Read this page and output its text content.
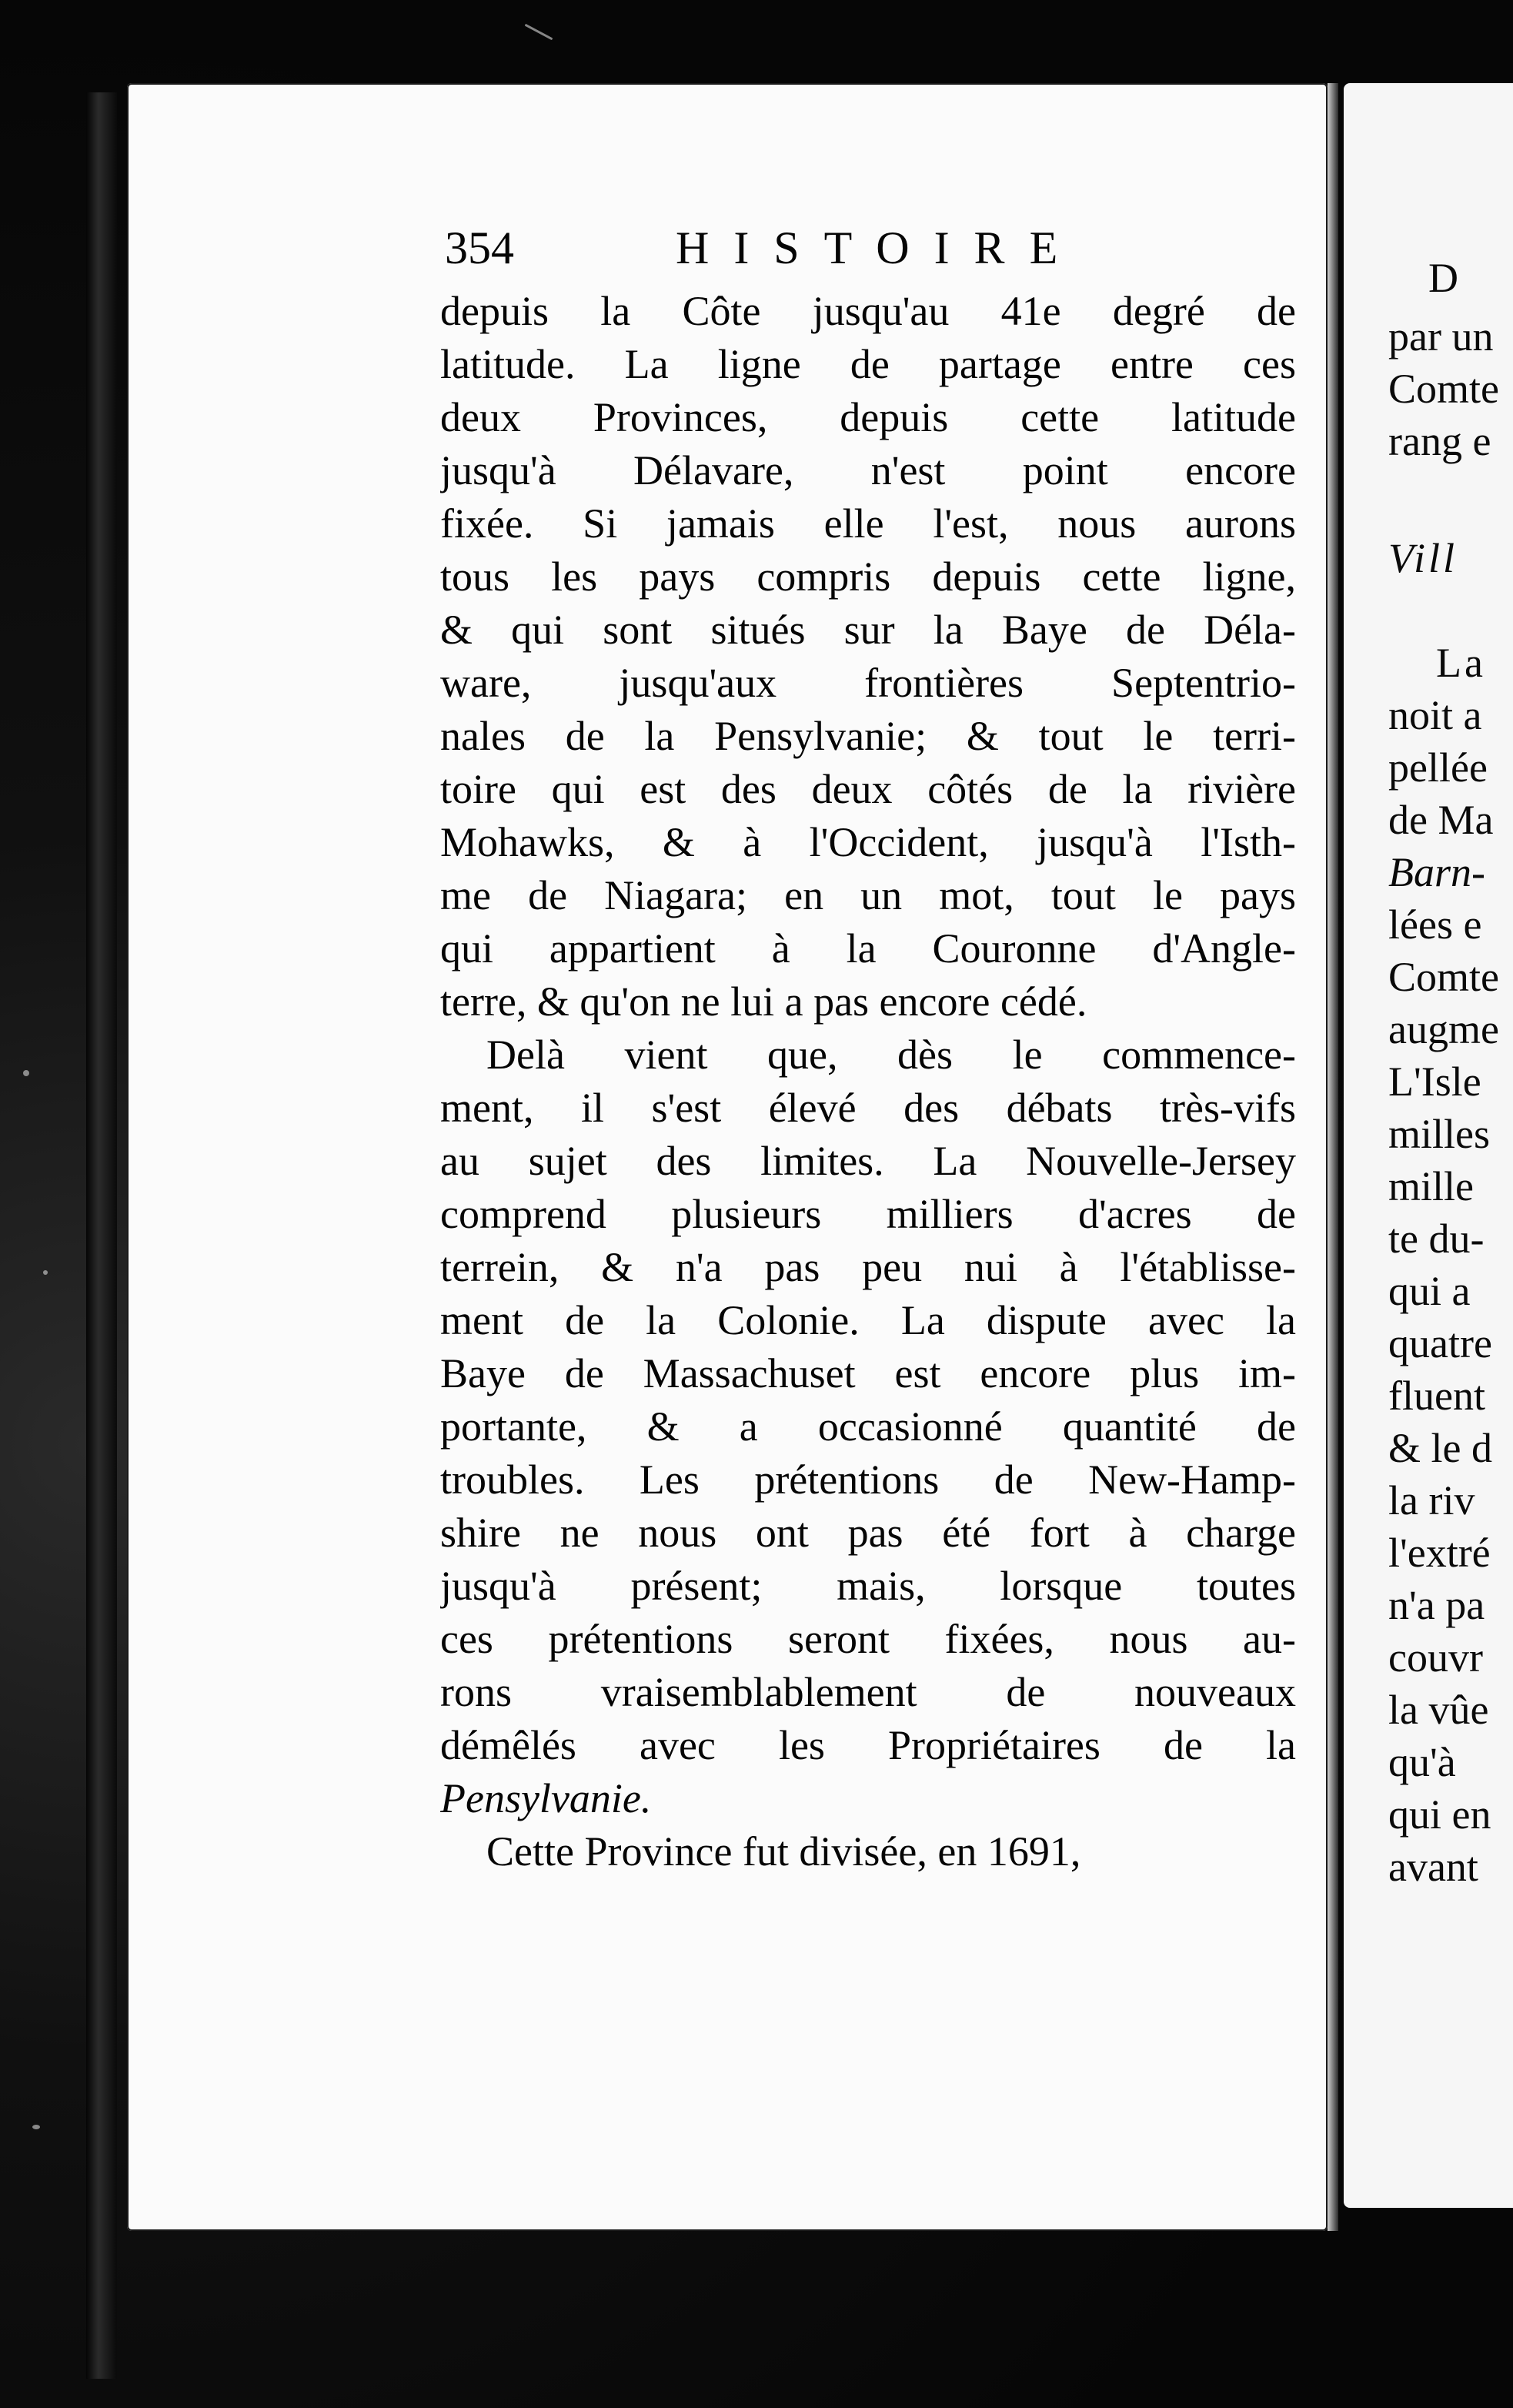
354	HISTOIRE
depuis la Côte jusqu'au 41e degré de
latitude. La ligne de partage entre ces
deux Provinces, depuis cette latitude
jusqu'à Délavare, n'est point encore
fixée. Si jamais elle l'est, nous aurons
tous les pays compris depuis cette ligne,
& qui sont situés sur la Baye de Déla-
ware, jusqu'aux frontières Septentrio-
nales de la Pensylvanie; & tout le terri-
toire qui est des deux côtés de la rivière
Mohawks, & à l'Occident, jusqu'à l'Isth-
me de Niagara; en un mot, tout le pays
qui appartient à la Couronne d'Angle-
terre, & qu'on ne lui a pas encore cédé.
Delà vient que, dès le commence-
ment, il s'est élevé des débats très-vifs
au sujet des limites. La Nouvelle-Jersey
comprend plusieurs milliers d'acres de
terrein, & n'a pas peu nui à l'établisse-
ment de la Colonie. La dispute avec la
Baye de Massachuset est encore plus im-
portante, & a occasionné quantité de
troubles. Les prétentions de New-Hamp-
shire ne nous ont pas été fort à charge
jusqu'à présent; mais, lorsque toutes
ces prétentions seront fixées, nous au-
rons vraisemblablement de nouveaux
démêlés avec les Propriétaires de la
Pensylvanie.
Cette Province fut divisée, en 1691,
D
par un
Comte
rang e
Vill
La
noit a
pellée
de Ma
Barn-
lées e
Comte
augme
L'Isle
milles
mille
te du-
qui a
quatre
fluent
& le d
la riv
l'extré
n'a pa
couvr
la vûe
qu'à
qui en
avant
